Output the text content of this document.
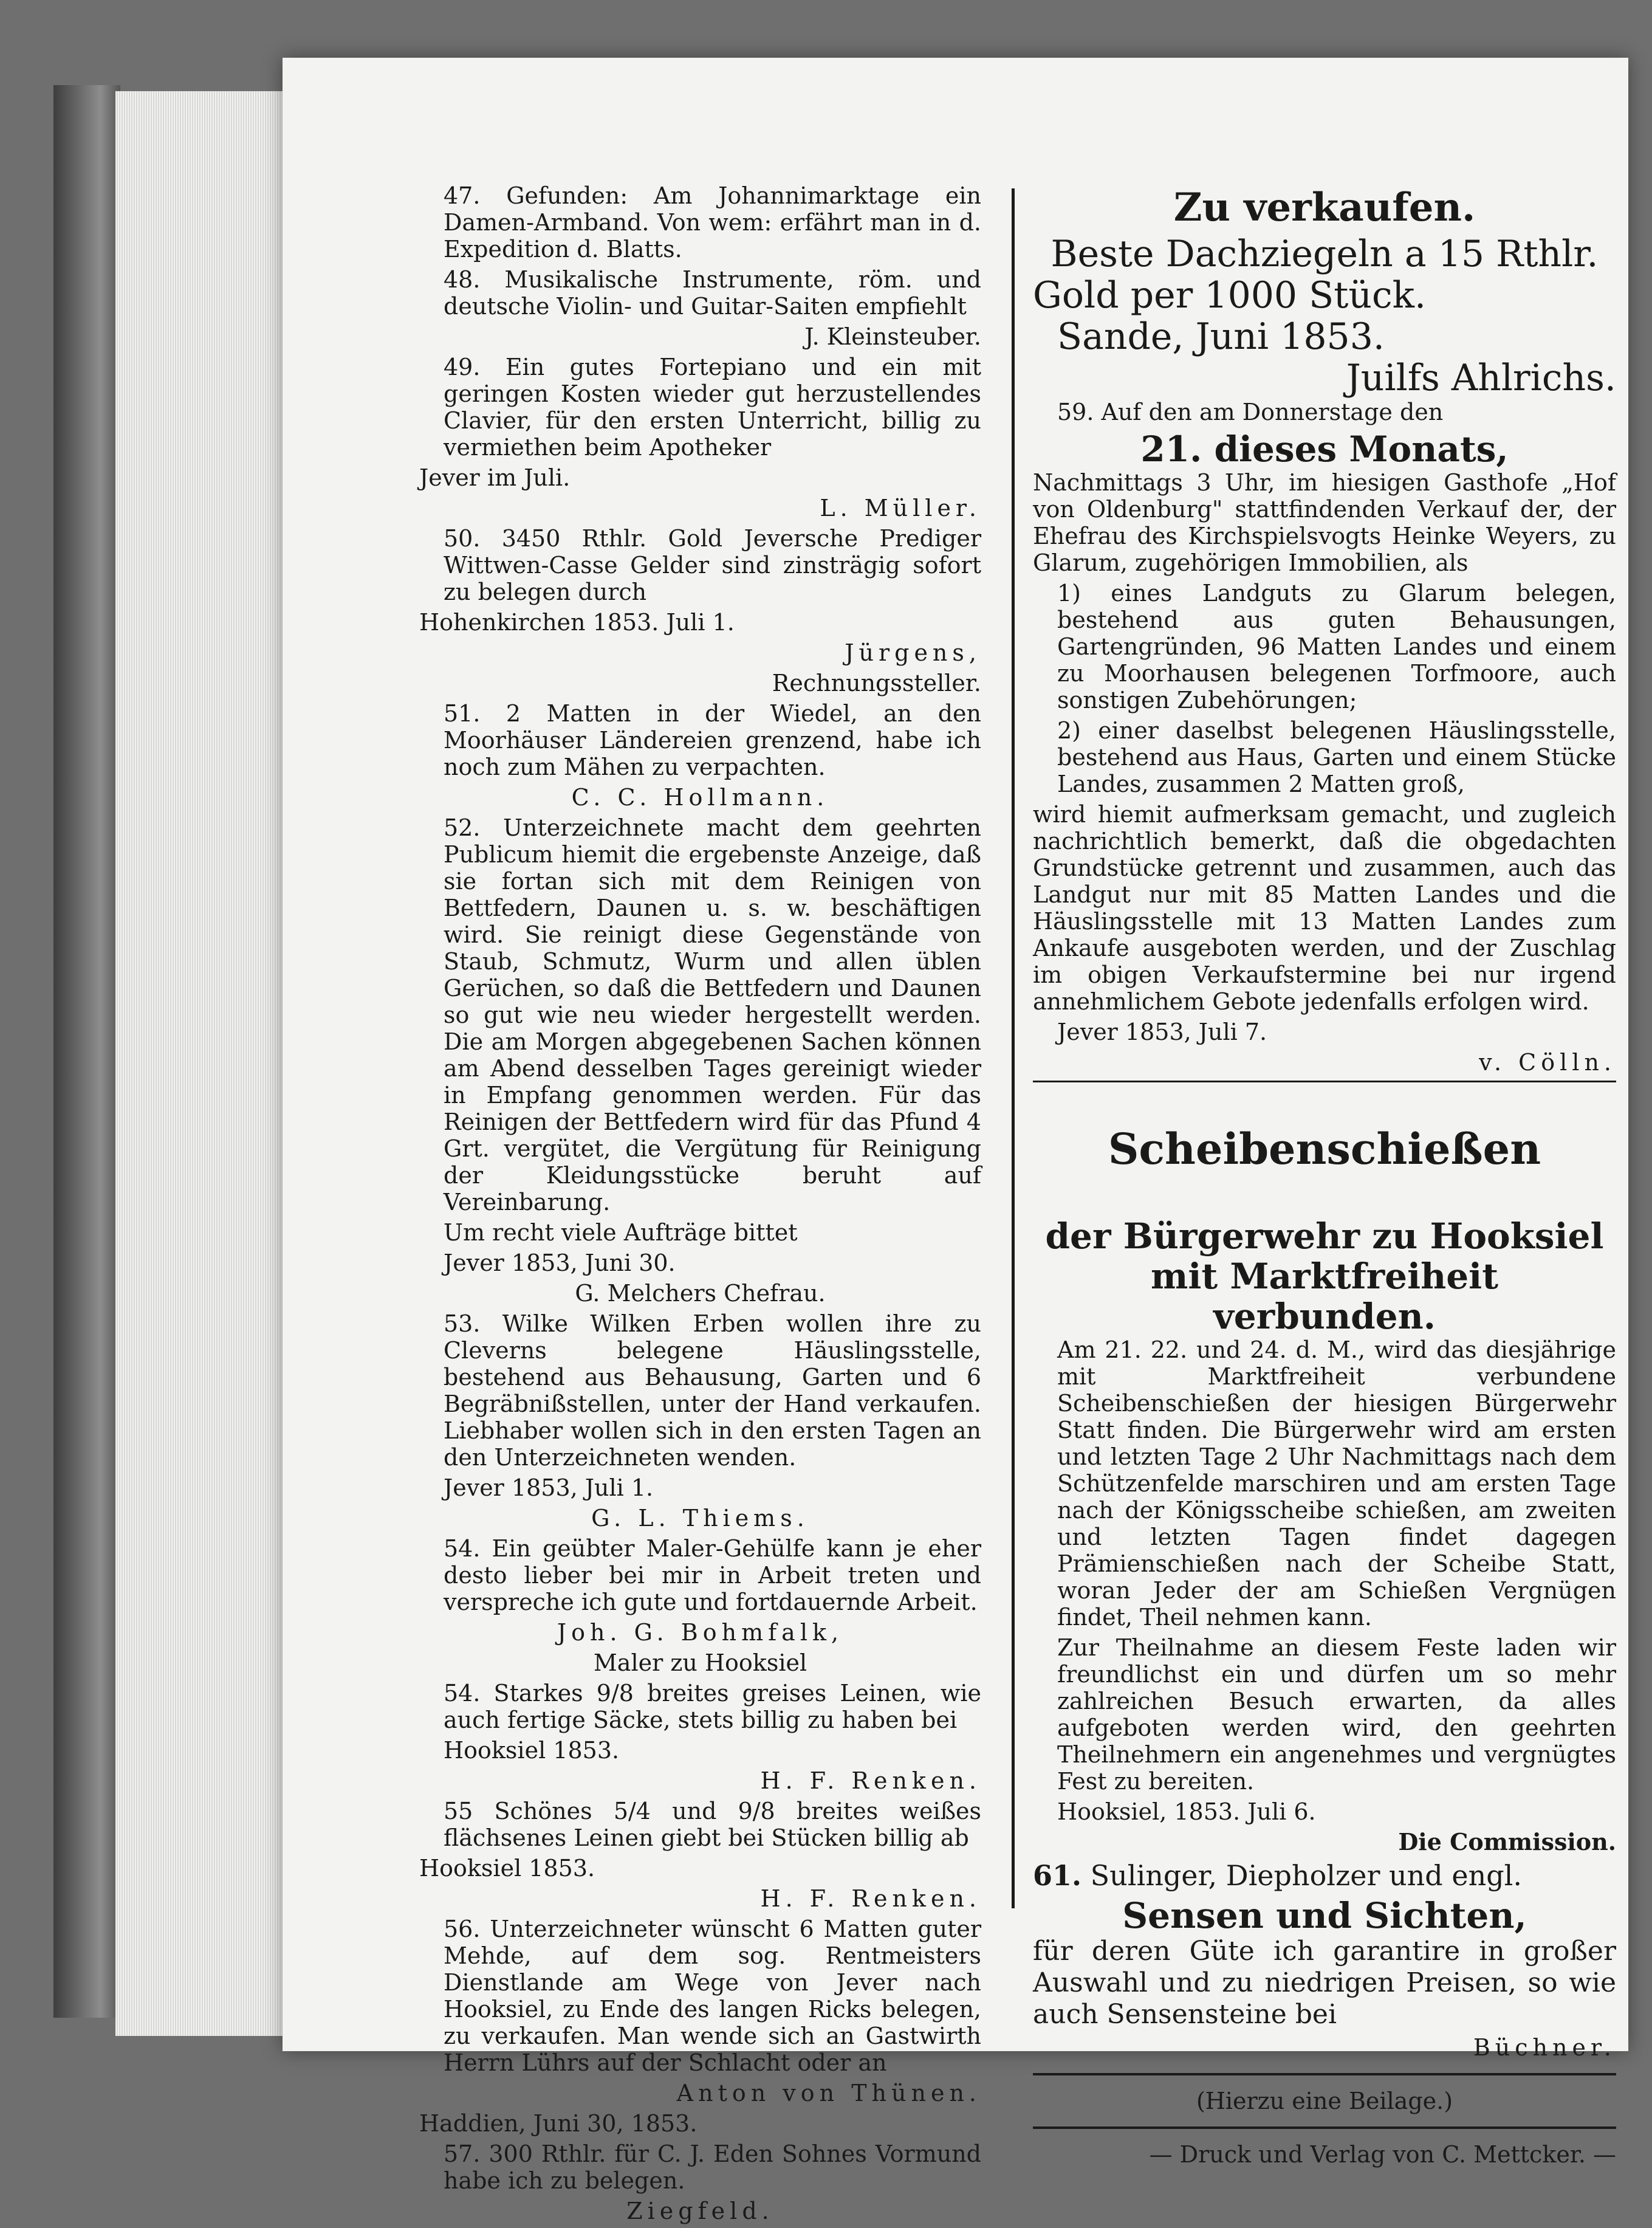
47. Gefunden: Am Johannimarktage ein Damen-Armband. Von wem: erfährt man in d. Expedition d. Blatts.

48. Musikalische Instrumente, röm. und deutsche Violin- und Guitar-Saiten empfiehlt

J. Kleinsteuber.

49. Ein gutes Fortepiano und ein mit geringen Kosten wieder gut herzustellendes Clavier, für den ersten Unterricht, billig zu vermiethen beim Apotheker

Jever im Juli.

L. Müller.

50. 3450 Rthlr. Gold Jeversche Prediger Wittwen-Casse Gelder sind zinsträgig sofort zu belegen durch

Hohenkirchen 1853. Juli 1.

Jürgens,

Rechnungssteller.

51. 2 Matten in der Wiedel, an den Moorhäuser Ländereien grenzend, habe ich noch zum Mähen zu verpachten.

C. C. Hollmann.

52. Unterzeichnete macht dem geehrten Publicum hiemit die ergebenste Anzeige, daß sie fortan sich mit dem Reinigen von Bettfedern, Daunen u. s. w. beschäftigen wird. Sie reinigt diese Gegenstände von Staub, Schmutz, Wurm und allen üblen Gerüchen, so daß die Bettfedern und Daunen so gut wie neu wieder hergestellt werden. Die am Morgen abgegebenen Sachen können am Abend desselben Tages gereinigt wieder in Empfang genommen werden. Für das Reinigen der Bettfedern wird für das Pfund 4 Grt. vergütet, die Vergütung für Reinigung der Kleidungsstücke beruht auf Vereinbarung.

Um recht viele Aufträge bittet

Jever 1853, Juni 30.

G. Melchers Chefrau.

53. Wilke Wilken Erben wollen ihre zu Cleverns belegene Häuslingsstelle, bestehend aus Behausung, Garten und 6 Begräbnißstellen, unter der Hand verkaufen. Liebhaber wollen sich in den ersten Tagen an den Unterzeichneten wenden.

Jever 1853, Juli 1.

G. L. Thiems.

54. Ein geübter Maler-Gehülfe kann je eher desto lieber bei mir in Arbeit treten und verspreche ich gute und fortdauernde Arbeit.

Joh. G. Bohmfalk,

Maler zu Hooksiel

54. Starkes 9/8 breites greises Leinen, wie auch fertige Säcke, stets billig zu haben bei

Hooksiel 1853.

H. F. Renken.

55 Schönes 5/4 und 9/8 breites weißes flächsenes Leinen giebt bei Stücken billig ab

Hooksiel 1853.

H. F. Renken.

56. Unterzeichneter wünscht 6 Matten guter Mehde, auf dem sog. Rentmeisters Dienstlande am Wege von Jever nach Hooksiel, zu Ende des langen Ricks belegen, zu verkaufen. Man wende sich an Gastwirth Herrn Lührs auf der Schlacht oder an

Anton von Thünen.

Haddien, Juni 30, 1853.

57. 300 Rthlr. für C. J. Eden Sohnes Vormund habe ich zu belegen.

Ziegfeld.

Zu verkaufen.

Beste Dachziegeln a 15 Rthlr.

Gold per 1000 Stück.

Sande, Juni 1853.

Juilfs Ahlrichs.

59. Auf den am Donnerstage den

21. dieses Monats,

Nachmittags 3 Uhr, im hiesigen Gasthofe „Hof von Oldenburg" stattfindenden Verkauf der, der Ehefrau des Kirchspielsvogts Heinke Weyers, zu Glarum, zugehörigen Immobilien, als

1) eines Landguts zu Glarum belegen, bestehend aus guten Behausungen, Gartengründen, 96 Matten Landes und einem zu Moorhausen belegenen Torfmoore, auch sonstigen Zubehörungen;

2) einer daselbst belegenen Häuslingsstelle, bestehend aus Haus, Garten und einem Stücke Landes, zusammen 2 Matten groß,

wird hiemit aufmerksam gemacht, und zugleich nachrichtlich bemerkt, daß die obgedachten Grundstücke getrennt und zusammen, auch das Landgut nur mit 85 Matten Landes und die Häuslingsstelle mit 13 Matten Landes zum Ankaufe ausgeboten werden, und der Zuschlag im obigen Verkaufstermine bei nur irgend annehmlichem Gebote jedenfalls erfolgen wird.

Jever 1853, Juli 7.

v. Cölln.

Scheibenschießen

der Bürgerwehr zu Hooksiel mit Marktfreiheit

verbunden.

Am 21. 22. und 24. d. M., wird das diesjährige mit Marktfreiheit verbundene Scheibenschießen der hiesigen Bürgerwehr Statt finden. Die Bürgerwehr wird am ersten und letzten Tage 2 Uhr Nachmittags nach dem Schützenfelde marschiren und am ersten Tage nach der Königsscheibe schießen, am zweiten und letzten Tagen findet dagegen Prämienschießen nach der Scheibe Statt, woran Jeder der am Schießen Vergnügen findet, Theil nehmen kann.

Zur Theilnahme an diesem Feste laden wir freundlichst ein und dürfen um so mehr zahlreichen Besuch erwarten, da alles aufgeboten werden wird, den geehrten Theilnehmern ein angenehmes und vergnügtes Fest zu bereiten.

Hooksiel, 1853. Juli 6.

Die Commission.

61. Sulinger, Diepholzer und engl.

Sensen und Sichten,

für deren Güte ich garantire in großer Auswahl und zu niedrigen Preisen, so wie auch Sensensteine bei

Büchner.

(Hierzu eine Beilage.)

— Druck und Verlag von C. Mettcker. —
